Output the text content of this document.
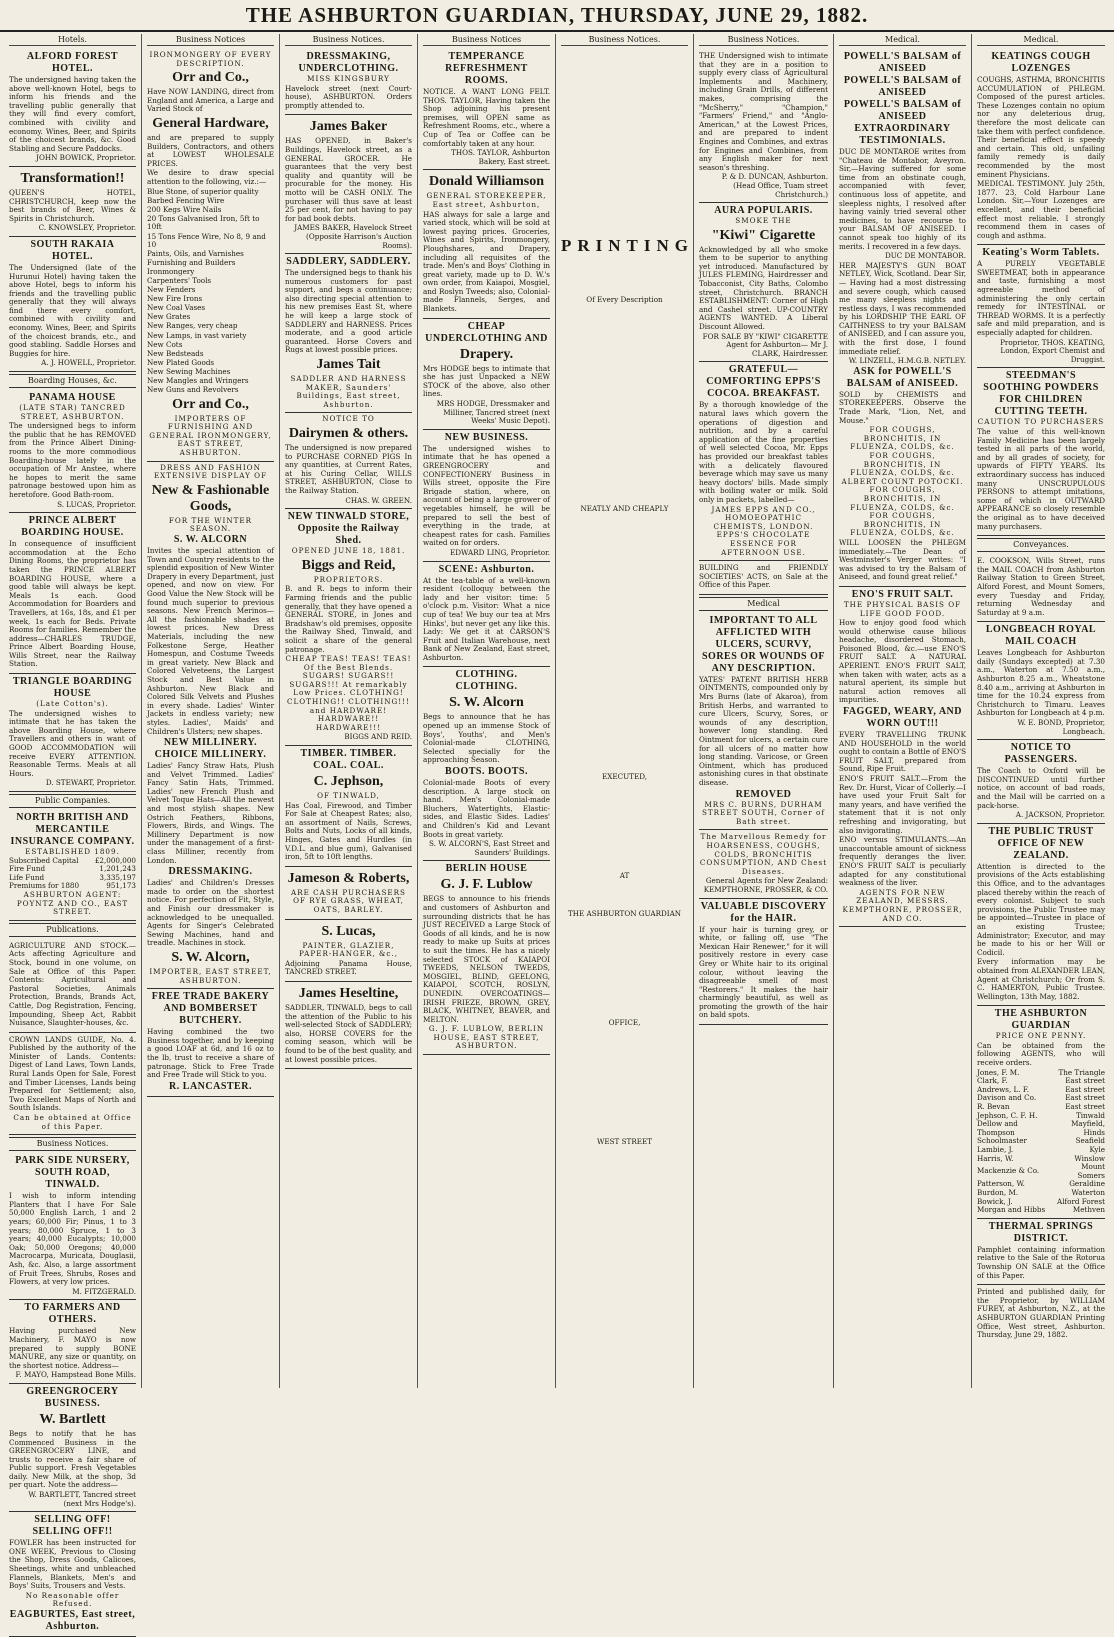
THE ASHBURTON GUARDIAN, THURSDAY, JUNE 29, 1882.
Hotels.
ALFORD FOREST HOTEL.

The undersigned having taken the above well-known Hotel, begs to inform his friends and the travelling public generally that they will find every comfort, combined with civility and economy. Wines, Beer, and Spirits of the choicest brands, &c. Good Stabling and Secure Paddocks.

JOHN BOWICK, Proprietor.
Transformation!!

QUEEN'S HOTEL, CHRISTCHURCH, keep now the best brands of Beer, Wines & Spirits in Christchurch.

C. KNOWSLEY, Proprietor.
SOUTH RAKAIA HOTEL.

The Undersigned (late of the Hurunui Hotel) having taken the above Hotel, begs to inform his friends and the travelling public generally that they will always find there every comfort, combined with civility and economy. Wines, Beer, and Spirits of the choicest brands, etc., and good stabling. Saddle Horses and Buggies for hire.

A. J. HOWELL, Proprietor.
Boarding Houses, &c.
PANAMA HOUSE
(LATE STAR) TANCRED STREET, ASHBURTON.

The undersigned begs to inform the public that he has REMOVED from the Prince Albert Dining-rooms to the more commodious Boarding-house lately in the occupation of Mr Anstee, where he hopes to merit the same patronage bestowed upon him as heretofore. Good Bath-room.

S. LUCAS, Proprietor.
PRINCE ALBERT BOARDING HOUSE.

In consequence of insufficient accommodation at the Echo Dining Rooms, the proprietor has taken the PRINCE ALBERT BOARDING HOUSE, where a good table will always be kept. Meals 1s each. Good Accommodation for Boarders and Travellers, at 16s, 18s, and £1 per week, 1s each for Beds. Private Rooms for families. Remember the address—CHARLES TRUDGE, Prince Albert Boarding House, Wills Street, near the Railway Station.

TRIANGLE BOARDING HOUSE
(Late Cotton's).

The undersigned wishes to intimate that he has taken the above Boarding House, where Travellers and others in want of GOOD ACCOMMODATION will receive EVERY ATTENTION. Reasonable Terms. Meals at all Hours.

D. STEWART, Proprietor.
Public Companies.
NORTH BRITISH AND MERCANTILE INSURANCE COMPANY.
ESTABLISHED 1809.
Subscribed Capital	£2,000,000
Fire Fund	1,201,243
Life Fund	3,335,197
Premiums for 1880	951,173
ASHBURTON AGENT: POYNTZ AND CO., EAST STREET.
Publications.

AGRICULTURE AND STOCK.—Acts affecting Agriculture and Stock, bound in one volume, on Sale at Office of this Paper. Contents: Agricultural and Pastoral Societies, Animals Protection, Brands, Brands Act, Cattle, Dog Registration, Fencing, Impounding, Sheep Act, Rabbit Nuisance, Slaughter-houses, &c.

CROWN LANDS GUIDE, No. 4. Published by the authority of the Minister of Lands. Contents: Digest of Land Laws, Town Lands, Rural Lands Open for Sale, Forest and Timber Licenses, Lands being Prepared for Settlement; also, Two Excellent Maps of North and South Islands.

Can be obtained at Office of this Paper.
Business Notices.
PARK SIDE NURSERY, SOUTH ROAD, TINWALD.

I wish to inform intending Planters that I have For Sale 50,000 English Larch, 1 and 2 years; 60,000 Fir; Pinus, 1 to 3 years; 80,000 Spruce, 1 to 3 years; 40,000 Eucalypts; 10,000 Oak; 50,000 Oregons; 40,000 Macrocarpa, Muricata, Douglasii, Ash, &c. Also, a large assortment of Fruit Trees, Shrubs, Roses and Flowers, at very low prices.

M. FITZGERALD.
TO FARMERS AND OTHERS.

Having purchased New Machinery, F. MAYO is now prepared to supply BONE MANURE, any size or quantity, on the shortest notice. Address—

F. MAYO, Hampstead Bone Mills.
GREENGROCERY BUSINESS.
W. Bartlett

Begs to notify that he has Commenced Business in the GREENGROCERY LINE, and trusts to receive a fair share of Public support. Fresh Vegetables daily. New Milk, at the shop, 3d per quart. Note the address—

W. BARTLETT, Tancred street (next Mrs Hodge's).
SELLING OFF! SELLING OFF!!

FOWLER has been instructed for ONE WEEK, Previous to Closing the Shop, Dress Goods, Calicoes, Sheetings, white and unbleached Flannels, Blankets, Men's and Boys' Suits, Trousers and Vests.

No Reasonable offer Refused.
EAGBURTES, East street, Ashburton.
Business Notices
IRONMONGERY OF EVERY DESCRIPTION.
Orr and Co.,

Have NOW LANDING, direct from England and America, a Large and Varied Stock of

General Hardware,

and are prepared to supply Builders, Contractors, and others at LOWEST WHOLESALE PRICES.

We desire to draw special attention to the following, viz.:—

Blue Stone, of superior quality
Barbed Fencing Wire
200 Kegs Wire Nails
20 Tons Galvanised Iron, 5ft to 10ft
15 Tons Fence Wire, No 8, 9 and 10
Paints, Oils, and Varnishes
Furnishing and Builders Ironmongery
Carpenters' Tools
New Fenders
New Fire Irons
New Coal Vases
New Grates
New Ranges, very cheap
New Lamps, in vast variety
New Cots
New Bedsteads
New Plated Goods
New Sewing Machines
New Mangles and Wringers
New Guns and Revolvers
Orr and Co.,
IMPORTERS OF FURNISHING AND GENERAL IRONMONGERY, EAST STREET, ASHBURTON.
DRESS AND FASHION EXTENSIVE DISPLAY OF
New & Fashionable Goods,
FOR THE WINTER SEASON.
S. W. ALCORN

Invites the special attention of Town and Country residents to the splendid exposition of New Winter Drapery in every Department, just opened, and now on view. For Good Value the New Stock will be found much superior to previous seasons. New French Merinos—All the fashionable shades at lowest prices. New Dress Materials, including the new Folkestone Serge, Heather Homespun, and Costume Tweeds in great variety. New Black and Colored Velveteens, the Largest Stock and Best Value in Ashburton. New Black and Colored Silk Velvets and Plushes in every shade. Ladies' Winter Jackets in endless variety; new styles. Ladies', Maids' and Children's Ulsters; new shapes.

NEW MILLINERY. CHOICE MILLINERY.

Ladies' Fancy Straw Hats, Plush and Velvet Trimmed. Ladies' Fancy Satin Hats, Trimmed. Ladies' new French Plush and Velvet Toque Hats—All the newest and most stylish shapes. New Ostrich Feathers, Ribbons, Flowers, Birds, and Wings. The Millinery Department is now under the management of a first-class Milliner, recently from London.

DRESSMAKING.

Ladies' and Children's Dresses made to order on the shortest notice. For perfection of Fit, Style, and Finish our dressmaker is acknowledged to be unequalled. Agents for Singer's Celebrated Sewing Machines, hand and treadle. Machines in stock.

S. W. Alcorn,
IMPORTER, EAST STREET, ASHBURTON.
FREE TRADE BAKERY AND BOMBERSET BUTCHERY.

Having combined the two Business together, and by keeping a good LOAF at 6d, and 16 oz to the lb, trust to receive a share of patronage. Stick to Free Trade and Free Trade will Stick to you.

R. LANCASTER.
Business Notices.
DRESSMAKING, UNDERCLOTHING.
MISS KINGSBURY

Havelock street (next Court-house), ASHBURTON. Orders promptly attended to.

James Baker

HAS OPENED, in Baker's Buildings, Havelock street, as a GENERAL GROCER. He guarantees that the very best quality and quantity will be procurable for the money. His motto will be CASH ONLY. The purchaser will thus save at least 25 per cent, for not having to pay for bad book debts.

JAMES BAKER, Havelock Street (Opposite Harrison's Auction Rooms).
SADDLERY, SADDLERY.

The undersigned begs to thank his numerous customers for past support, and begs a continuance; also directing special attention to his new premises East St, where he will keep a large stock of SADDLERY and HARNESS. Prices moderate, and a good article guaranteed. Horse Covers and Rugs at lowest possible prices.

James Tait
SADDLER AND HARNESS MAKER, Saunders' Buildings, East street, Ashburton.
NOTICE TO
Dairymen & others.

The undersigned is now prepared to PURCHASE CORNED PIGS In any quantities, at Current Rates, at his Curing Cellar, WILLS STREET, ASHBURTON, Close to the Railway Station.

CHAS. W. GREEN.
NEW TINWALD STORE, Opposite the Railway Shed.
OPENED JUNE 18, 1881.
Biggs and Reid,
PROPRIETORS.

B. and R. begs to inform their Farming friends and the public generally, that they have opened a GENERAL STORE, in Jones and Bradshaw's old premises, opposite the Railway Shed, Tinwald, and solicit a share of the general patronage.

CHEAP TEAS! TEAS! TEAS! Of the Best Blends. SUGARS! SUGARS!! SUGARS!!! At remarkably Low Prices. CLOTHING! CLOTHING!! CLOTHING!!! and HARDWARE! HARDWARE!! HARDWARE!!!

BIGGS AND REID.
TIMBER. TIMBER. COAL. COAL.
C. Jephson,
OF TINWALD,

Has Coal, Firewood, and Timber For Sale at Cheapest Rates; also, an assortment of Nails, Screws, Bolts and Nuts, Locks of all kinds, Hinges, Gates and Hurdles (in V.D.L. and blue gum), Galvanised iron, 5ft to 10ft lengths.

Jameson & Roberts,

ARE CASH PURCHASERS OF RYE GRASS, WHEAT, OATS, BARLEY.

S. Lucas,
PAINTER, GLAZIER, PAPER-HANGER, &c.,

Adjoining Panama House, TANCRED STREET.

James Heseltine,

SADDLER, TINWALD, begs to call the attention of the Public to his well-selected Stock of SADDLERY; also, HORSE COVERS for the coming season, which will be found to be of the best quality, and at lowest possible prices.

Business Notices
TEMPERANCE REFRESHMENT ROOMS.

NOTICE. A WANT LONG FELT. THOS. TAYLOR, Having taken the Shop adjoining his present premises, will OPEN same as Refreshment Rooms, etc., where a Cup of Tea or Coffee can be comfortably taken at any hour.

THOS. TAYLOR, Ashburton Bakery, East street.
Donald Williamson
GENERAL STOREKEEPER, East street, Ashburton,

HAS always for sale a large and varied stock, which will be sold at lowest paying prices. Groceries, Wines and Spirits, Ironmongery, Ploughshares, and Drapery, including all requisites of the trade. Men's and Boys' Clothing in great variety, made up to D. W.'s own order, from Kaiapoi, Mosgiel, and Roslyn Tweeds; also, Colonial-made Flannels, Serges, and Blankets.

CHEAP UNDERCLOTHING AND
Drapery.

Mrs HODGE begs to intimate that she has just Unpacked a NEW STOCK of the above, also other lines.

MRS HODGE, Dressmaker and Milliner, Tancred street (next Weeks' Music Depot).
NEW BUSINESS.

The undersigned wishes to intimate that he has opened a GREENGROCERY and CONFECTIONERY Business in Wills street, opposite the Fire Brigade station, where, on account of being a large grower of vegetables himself, he will be prepared to sell the best of everything in the trade, at cheapest rates for cash. Families waited on for orders.

EDWARD LING, Proprietor.
SCENE: Ashburton.

At the tea-table of a well-known resident (colloquy between the lady and her visitor: time: 5 o'clock p.m. Visitor: What a nice cup of tea! We buy our tea at Mrs Hinks', but never get any like this. Lady: We get it at CARSON'S Fruit and Italian Warehouse, next Bank of New Zealand, East street, Ashburton.

CLOTHING. CLOTHING.
S. W. Alcorn

Begs to announce that he has opened up an immense Stock of Boys', Youths', and Men's Colonial-made CLOTHING, Selected specially for the approaching Season.

BOOTS. BOOTS.

Colonial-made Boots of every description. A large stock on hand. Men's Colonial-made Bluchers, Watertights, Elastic-sides, and Elastic Sides. Ladies' and Children's Kid and Levant Boots in great variety.

S. W. ALCORN'S, East Street and Saunders' Buildings.
BERLIN HOUSE
G. J. F. Lublow

BEGS to announce to his friends and customers of Ashburton and surrounding districts that he has JUST RECEIVED a Large Stock of Goods of all kinds, and he is now ready to make up Suits at prices to suit the times. He has a nicely selected STOCK of KAIAPOI TWEEDS, NELSON TWEEDS, MOSGIEL, BLIND, GEELONG, KAIAPOI, SCOTCH, ROSLYN, DUNEDIN. OVERCOATINGS—IRISH FRIEZE, BROWN, GREY, BLACK, WHITNEY, BEAVER, and MELTON.

G. J. F. LUBLOW, BERLIN HOUSE, EAST STREET, ASHBURTON.
Business Notices.
PRINTING
Of Every Description
NEATLY AND CHEAPLY
EXECUTED,
AT
THE ASHBURTON GUARDIAN
OFFICE,
WEST STREET
Business Notices.

THE Undersigned wish to intimate that they are in a position to supply every class of Agricultural Implements and Machinery, including Grain Drills, of different makes, comprising the "McSherry," "Champion," "Farmers' Friend," and "Anglo-American," at the Lowest Prices, and are prepared to indent Engines and Combines, and extras for Engines and Combines, from any English maker for next season's threshing.

P. & D. DUNCAN, Ashburton. (Head Office, Tuam street Christchurch.)
AURA POPULARIS.
SMOKE THE
"Kiwi" Cigarette

Acknowledged by all who smoke them to be superior to anything yet introduced. Manufactured by JULES FLEMING, Hairdresser and Tobacconist, City Baths, Colombo street, Christchurch. BRANCH ESTABLISHMENT: Corner of High and Cashel street. UP-COUNTRY AGENTS WANTED. A Liberal Discount Allowed.

FOR SALE BY "KIWI" CIGARETTE Agent for Ashburton— Mr J. CLARK, Hairdresser.
GRATEFUL—COMFORTING EPPS'S COCOA. BREAKFAST.

By a thorough knowledge of the natural laws which govern the operations of digestion and nutrition, and by a careful application of the fine properties of well selected Cocoa, Mr. Epps has provided our breakfast tables with a delicately flavoured beverage which may save us many heavy doctors' bills. Made simply with boiling water or milk. Sold only in packets, labelled—

JAMES EPPS AND CO., HOMOEOPATHIC CHEMISTS, LONDON.
EPPS'S CHOCOLATE ESSENCE FOR AFTERNOON USE.

BUILDING and FRIENDLY SOCIETIES' ACTS, on Sale at the Office of this Paper.

Medical
IMPORTANT TO ALL AFFLICTED WITH ULCERS, SCURVY, SORES OR WOUNDS OF ANY DESCRIPTION.

YATES' PATENT BRITISH HERB OINTMENTS, compounded only by Mrs Burns (late of Akaroa), from British Herbs, and warranted to cure Ulcers, Scurvy, Sores, or wounds of any description, however long standing. Red Ointment for ulcers, a certain cure for all ulcers of no matter how long standing. Varicose, or Green Ointment, which has produced astonishing cures in that obstinate disease.

REMOVED
MRS C. BURNS, DURHAM STREET SOUTH, Corner of Bath street.

The Marvellous Remedy for HOARSENESS, COUGHS, COLDS, BRONCHITIS CONSUMPTION, AND Chest Diseases.

General Agents for New Zealand: KEMPTHORNE, PROSSER, & CO.
VALUABLE DISCOVERY for the HAIR.

If your hair is turning grey, or white, or falling off, use "The Mexican Hair Renewer," for it will positively restore in every case Grey or White hair to its original colour, without leaving the disagreeable smell of most "Restorers." It makes the hair charmingly beautiful, as well as promoting the growth of the hair on bald spots.

Medical.
POWELL'S BALSAM of ANISEED
POWELL'S BALSAM of ANISEED
POWELL'S BALSAM of ANISEED
EXTRAORDINARY TESTIMONIALS.

DUC DE MONTAROE writes from "Chateau de Montabor, Aveyron. Sir,—Having suffered for some time from an obstinate cough, accompanied with fever, continuous loss of appetite, and sleepless nights, I resolved after having vainly tried several other medicines, to have recourse to your BALSAM OF ANISEED. I cannot speak too highly of its merits. I recovered in a few days.

DUC DE MONTABOR.

HER MAJESTY'S GUN BOAT NETLEY, Wick, Scotland. Dear Sir,— Having had a most distressing and severe cough, which caused me many sleepless nights and restless days, I was recommended by his LORDSHIP THE EARL OF CAITHNESS to try your BALSAM of ANISEED, and I can assure you, with the first dose, I found immediate relief.

W. LINZELL, H.M.G.B. NETLEY.
ASK for POWELL'S BALSAM of ANISEED.

SOLD by CHEMISTS and STOREKEEPERS. Observe the Trade Mark, "Lion, Net, and Mouse."

FOR COUGHS, BRONCHITIS, IN FLUENZA, COLDS, &c.
FOR COUGHS, BRONCHITIS, IN FLUENZA, COLDS, &c.
ALBERT COUNT POTOCKI.
FOR COUGHS, BRONCHITIS, IN FLUENZA, COLDS, &c.
FOR COUGHS, BRONCHITIS, IN FLUENZA, COLDS, &c.

WILL LOOSEN the PHLEGM immediately.—The Dean of Westminster's Verger writes: "I was advised to try the Balsam of Aniseed, and found great relief."

ENO'S FRUIT SALT.
THE PHYSICAL BASIS OF LIFE GOOD FOOD.

How to enjoy good food which would otherwise cause bilious headache, disordered Stomach, Poisoned Blood, &c.—use ENO'S FRUIT SALT. A NATURAL APERIENT. ENO'S FRUIT SALT, when taken with water, acts as a natural aperient, its simple but natural action removes all impurities.

FAGGED, WEARY, AND WORN OUT!!!

EVERY TRAVELLING TRUNK AND HOUSEHOLD in the world ought to contain a Bottle of ENO'S FRUIT SALT, prepared from Sound, Ripe Fruit.

ENO'S FRUIT SALT.—From the Rev. Dr. Hurst, Vicar of Collerly.—I have used your Fruit Salt for many years, and have verified the statement that it is not only refreshing and invigorating, but also invigorating.

ENO versus STIMULANTS.—An unaccountable amount of sickness frequently deranges the liver. ENO'S FRUIT SALT is peculiarly adapted for any constitutional weakness of the liver.

AGENTS FOR NEW ZEALAND, MESSRS. KEMPTHORNE, PROSSER, AND CO.
Medical.
KEATINGS COUGH LOZENGES

COUGHS, ASTHMA, BRONCHITIS ACCUMULATION of PHLEGM. Composed of the purest articles. These Lozenges contain no opium nor any deleterious drug, therefore the most delicate can take them with perfect confidence. Their beneficial effect is speedy and certain. This old, unfailing family remedy is daily recommended by the most eminent Physicians.

MEDICAL TESTIMONY. July 25th, 1877. 23, Cold Harbour Lane London. Sir,—Your Lozenges are excellent, and their beneficial effect most reliable. I strongly recommend them in cases of cough and asthma.

Keating's Worm Tablets.

A PURELY VEGETABLE SWEETMEAT, both in appearance and taste, furnishing a most agreeable method of administering the only certain remedy for INTESTINAL or THREAD WORMS. It is a perfectly safe and mild preparation, and is especially adapted for children.

Proprietor, THOS. KEATING, London, Export Chemist and Druggist.
STEEDMAN'S SOOTHING POWDERS FOR CHILDREN CUTTING TEETH.
CAUTION TO PURCHASERS

The value of this well-known Family Medicine has been largely tested in all parts of the world, and by all grades of society, for upwards of FIFTY YEARS. Its extraordinary success has induced many UNSCRUPULOUS PERSONS to attempt imitations, some of which in OUTWARD APPEARANCE so closely resemble the original as to have deceived many purchasers.

Conveyances.

E. COOKSON, Wills Street, runs the MAIL COACH from Ashburton Railway Station to Green Street, Alford Forest, and Mount Somers, every Tuesday and Friday, returning Wednesday and Saturday at 9 a.m.

LONGBEACH ROYAL MAIL COACH

Leaves Longbeach for Ashburton daily (Sundays excepted) at 7.30 a.m., Waterton at 7.50 a.m., Ashburton 8.25 a.m., Wheatstone 8.40 a.m., arriving at Ashburton in time for the 10.24 express from Christchurch to Timaru. Leaves Ashburton for Longbeach at 4 p.m.

W. E. BOND, Proprietor, Longbeach.
NOTICE TO PASSENGERS.

The Coach to Oxford will be DISCONTINUED until further notice, on account of bad roads, and the Mail will be carried on a pack-horse.

A. JACKSON, Proprietor.
THE PUBLIC TRUST OFFICE OF NEW ZEALAND.

Attention is directed to the provisions of the Acts establishing this Office, and to the advantages placed thereby within the reach of every colonist. Subject to such provisions, the Public Trustee may be appointed—Trustee in place of an existing Trustee; Administrator; Executor, and may be made to his or her Will or Codicil.

Every information may be obtained from ALEXANDER LEAN, Agent at Christchurch; Or from S. C. HAMERTON, Public Trustee. Wellington, 13th May, 1882.

THE ASHBURTON GUARDIAN
PRICE ONE PENNY.

Can be obtained from the following AGENTS, who will receive orders.

Jones, F. M.	The Triangle
Clark, F.	East street
Andrews, L. F.	East street
Davison and Co.	East street
R. Bevan	East street
Jephson, C. F. H.	Tinwald
Dellow and Thompson	Mayfield, Hinds
Schoolmaster	Seafield
Lambie, J.	Kyle
Harris, W.	Winslow
Mackenzie & Co.	Mount Somers
Patterson, W.	Geraldine
Burdon, M.	Waterton
Bowick, J.	Alford Forest
Morgan and Hibbs	Methven
THERMAL SPRINGS DISTRICT.

Pamphlet containing information relative to the Sale of the Rotorua Township ON SALE at the Office of this Paper.

Printed and published daily, for the Proprietor, by WILLIAM FUREY, at Ashburton, N.Z., at the ASHBURTON GUARDIAN Printing Office, West street, Ashburton. Thursday, June 29, 1882.
